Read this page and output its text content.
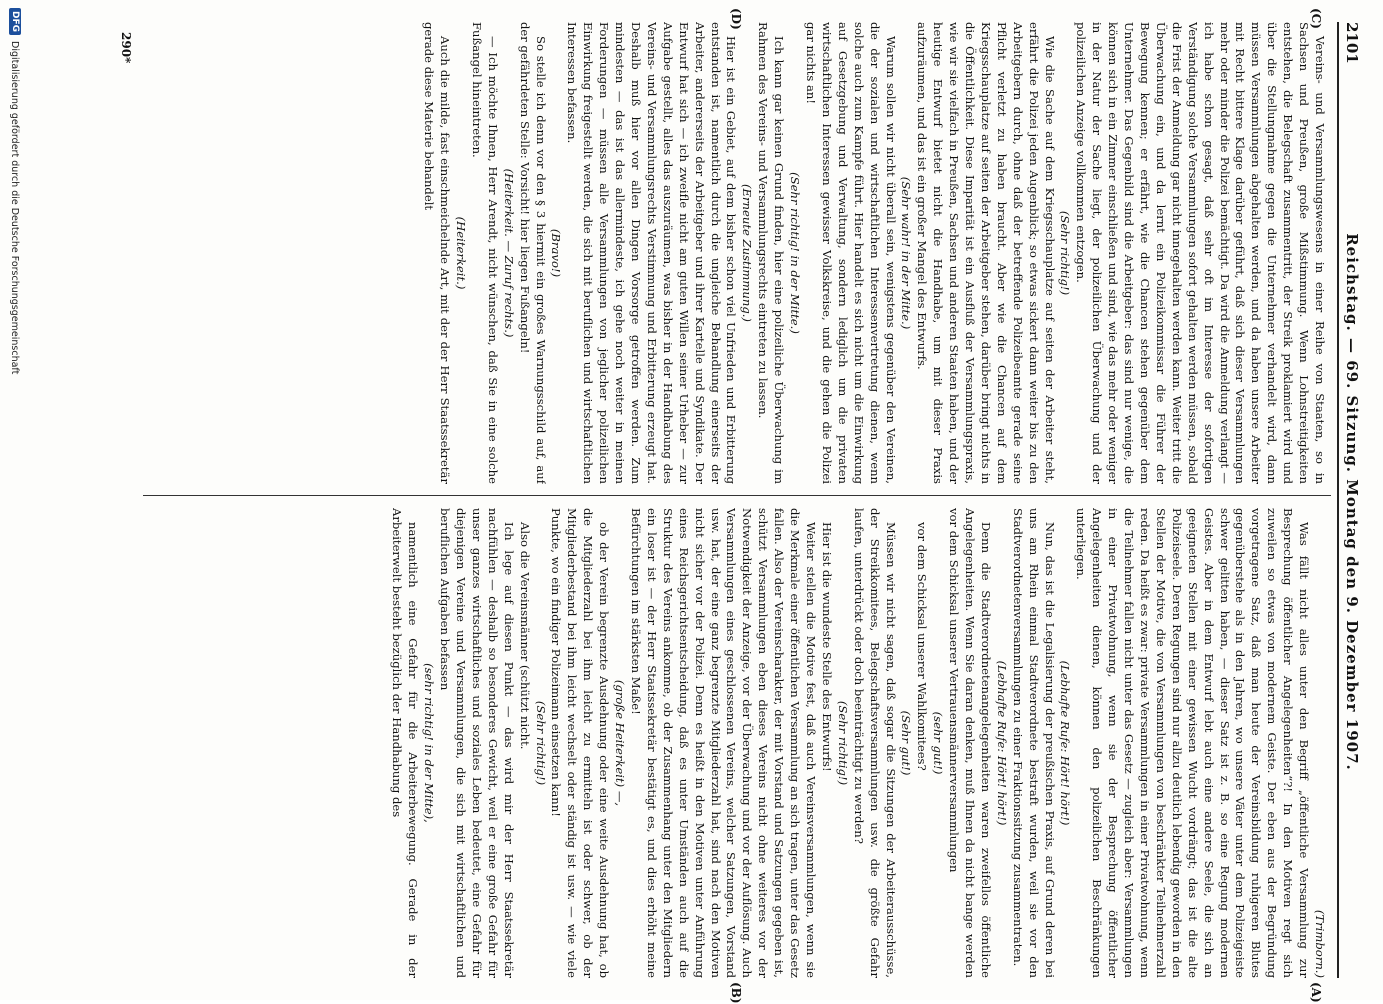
2101
Reichstag. — 69. Sitzung. Montag den 9. Dezember 1907.

Vereins- und Versammlungswesens in einer Reihe von Staaten, so in Sachsen und Preußen, große Mißstimmung. Wenn Lohnstreitigkeiten entstehen, die Belegschaft zusammentritt, der Streik proklamiert wird und über die Stellungnahme gegen die Unternehmer verhandelt wird, dann müssen Versammlungen abgehalten werden, und da haben unsere Arbeiter mit Recht bittere Klage darüber geführt, daß sich dieser Versammlungen mehr oder minder die Polizei bemächtigt. Da wird die Anmeldung verlangt — ich habe schon gesagt, daß sehr oft im Interesse der sofortigen Verständigung solche Versammlungen sofort gehalten werden müssen, sobald die Frist der Anmeldung gar nicht innegehalten werden kann. Weiter tritt die Überwachung ein, und da lernt ein Polizeikommissar die Führer der Bewegung kennen; er erfährt, wie die Chancen stehen gegenüber dem Unternehmer. Das Gegenbild sind die Arbeitgeber: das sind nur wenige, die können sich in ein Zimmer einschließen und sind, wie das mehr oder weniger in der Natur der Sache liegt, der polizeilichen Überwachung und der polizeilichen Anzeige vollkommen entzogen.

(Sehr richtig!)

Wie die Sache auf dem Kriegsschauplatze auf seiten der Arbeiter steht, erfährt die Polizei jeden Augenblick; so etwas sickert dann weiter bis zu den Arbeitgebern durch, ohne daß der betreffende Polizeibeamte gerade seine Pflicht verletzt zu haben braucht. Aber wie die Chancen auf dem Kriegsschauplatze auf seiten der Arbeitgeber stehen, darüber bringt nichts in die Öffentlichkeit. Diese Imparität ist ein Ausfluß der Versammlungspraxis, wie wir sie vielfach in Preußen, Sachsen und anderen Staaten haben, und der heutige Entwurf bietet nicht die Handhabe, um mit dieser Praxis aufzuräumen, und das ist ein großer Mangel des Entwurfs.

(Sehr wahr! in der Mitte.)

Warum sollen wir nicht überall sein, wenigstens gegenüber den Vereinen, die der sozialen und wirtschaftlichen Interessenvertretung dienen, wenn solche auch zum Kampfe führt. Hier handelt es sich nicht um die Einwirkung auf Gesetzgebung und Verwaltung, sondern lediglich um die privaten wirtschaftlichen Interessen gewisser Volkskreise, und die gehen die Polizei gar nichts an!

(Sehr richtig! in der Mitte.)

Ich kann gar keinen Grund finden, hier eine polizeiliche Überwachung im Rahmen des Vereins- und Versammlungsrechts eintreten zu lassen.

(Erneute Zustimmung.)

Hier ist ein Gebiet, auf dem bisher schon viel Unfrieden und Erbitterung entstanden ist, namentlich durch die ungleiche Behandlung einerseits der Arbeiter, andererseits der Arbeitgeber und ihrer Kartelle und Syndikate. Der Entwurf hat sich — ich zweifle nicht am guten Willen seiner Urheber — zur Aufgabe gestellt, alles das auszuräumen, was bisher in der Handhabung des Vereins- und Versammlungsrechts Verstimmung und Erbitterung erzeugt hat. Deshalb muß hier vor allen Dingen Vorsorge getroffen werden. Zum mindesten — das ist das allermindeste, ich gehe noch weiter in meinen Forderungen — müssen alle Versammlungen von jeglicher polizeilichen Einwirkung freigestellt werden, die sich mit beruflichen und wirtschaftlichen Interessen befassen.

(Bravo!)

So stelle ich denn vor den § 3 hiermit ein großes Warnungsschild auf, auf der gefährdeten Stelle: Vorsicht! hier liegen Fußangeln!

(Heiterkeit. — Zuruf rechts.)

— Ich möchte Ihnen, Herr Arendt, nicht wünschen, daß Sie in eine solche Fußangel hineintreten.

(Heiterkeit.)

Auch die milde, fast einschmeichelnde Art, mit der der Herr Staatssekretär gerade diese Materie behandelt

(Trimborn.)

Was fällt nicht alles unter den Begriff „öffentliche Versammlung zur Besprechung öffentlicher Angelegenheiten“?! In den Motiven regt sich zuweilen so etwas von modernem Geiste. Der eben aus der Begründung vorgetragene Satz, daß man heute der Vereinsbildung ruhigeren Blutes gegenüberstehe als in den Jahren, wo unsere Väter unter dem Polizeigeiste schwer gelitten haben, — dieser Satz ist z. B. so eine Regung modernen Geistes. Aber in dem Entwurf lebt auch eine andere Seele, die sich an geeigneten Stellen mit einer gewissen Wucht vordrängt; das ist die alte Polizeiseele. Deren Regungen sind nur allzu deutlich lebendig geworden in den Stellen der Motive, die von Versammlungen von beschränkter Teilnehmerzahl reden. Da heißt es zwar: private Versammlungen in einer Privatwohnung, wenn die Teilnehmer fallen nicht unter das Gesetz — zugleich aber: Versammlungen in einer Privatwohnung, wenn sie der Besprechung öffentlicher Angelegenheiten dienen, können den polizeilichen Beschränkungen unterliegen.

(Lebhafte Rufe: Hört! hört!)

Nun, das ist die Legalisierung der preußischen Praxis, auf Grund deren bei uns am Rhein einmal Stadtverordnete bestraft wurden, weil sie vor den Stadtverordnetenversammlungen zu einer Fraktionssitzung zusammentraten.

(Lebhafte Rufe: Hört! hört!)

Denn die Stadtverordnetenangelegenheiten waren zweifellos öffentliche Angelegenheiten. Wenn Sie daran denken, muß Ihnen da nicht bange werden vor dem Schicksal unserer Vertrauensmännerversammlungen

(sehr gut!)

vor dem Schicksal unserer Wahlkomitees?

(Sehr gut!)

Müssen wir nicht sagen, daß sogar die Sitzungen der Arbeiterausschüsse, der Streikkomitees, Belegschaftsversammlungen usw. die größte Gefahr laufen, unterdrückt oder doch beeinträchtigt zu werden?

(Sehr richtig!)

Hier ist die wundeste Stelle des Entwurfs!

Weiter stellen die Motive fest, daß auch Vereinsversammlungen, wenn sie die Merkmale einer öffentlichen Versammlung an sich tragen, unter das Gesetz fallen. Also der Vereinscharakter, der mit Vorstand und Satzungen gegeben ist, schützt Versammlungen eben dieses Vereins nicht ohne weiteres vor der Notwendigkeit der Anzeige, vor der Überwachung und vor der Auflösung. Auch Versammlungen eines geschlossenen Vereins, welcher Satzungen, Vorstand usw. hat, der eine ganz begrenzte Mitgliederzahl hat, sind nach den Motiven nicht sicher vor der Polizei. Denn es heißt in den Motiven unter Anführung eines Reichsgerichtsentscheidung, daß es unter Umständen auch auf die Struktur des Vereins ankomme, ob der Zusammenhang unter den Mitgliedern ein loser ist — der Herr Staatssekretär bestätigt es, und dies erhöht meine Befürchtungen im stärksten Maße!

(große Heiterkeit) —,

ob der Verein begrenzte Ausdehnung oder eine weite Ausdehnung hat, ob die Mitgliederzahl bei ihm leicht zu ermitteln ist oder schwer, ob der Mitgliederbestand bei ihm leicht wechselt oder ständig ist usw. — wie viele Punkte, wo ein findiger Polizeimann einsetzen kann!

(Sehr richtig!)

Also die Vereinsmänner (schützt nicht.

Ich lege auf diesen Punkt — das wird mir der Herr Staatssekretär nachfühlen — deshalb so besonderes Gewicht, weil er eine große Gefahr für unser ganzes wirtschaftliches und soziales Leben bedeutet, eine Gefahr für diejenigen Vereine und Versammlungen, die sich mit wirtschaftlichen und beruflichen Aufgaben befassen

(sehr richtig! in der Mitte),

namentlich eine Gefahr für die Arbeiterbewegung. Gerade in der Arbeiterwelt besteht bezüglich der Handhabung des

(C)
(D)
(A)
(B)
290*
DFG
Digitalisierung gefördert durch die Deutsche Forschungsgemeinschaft
